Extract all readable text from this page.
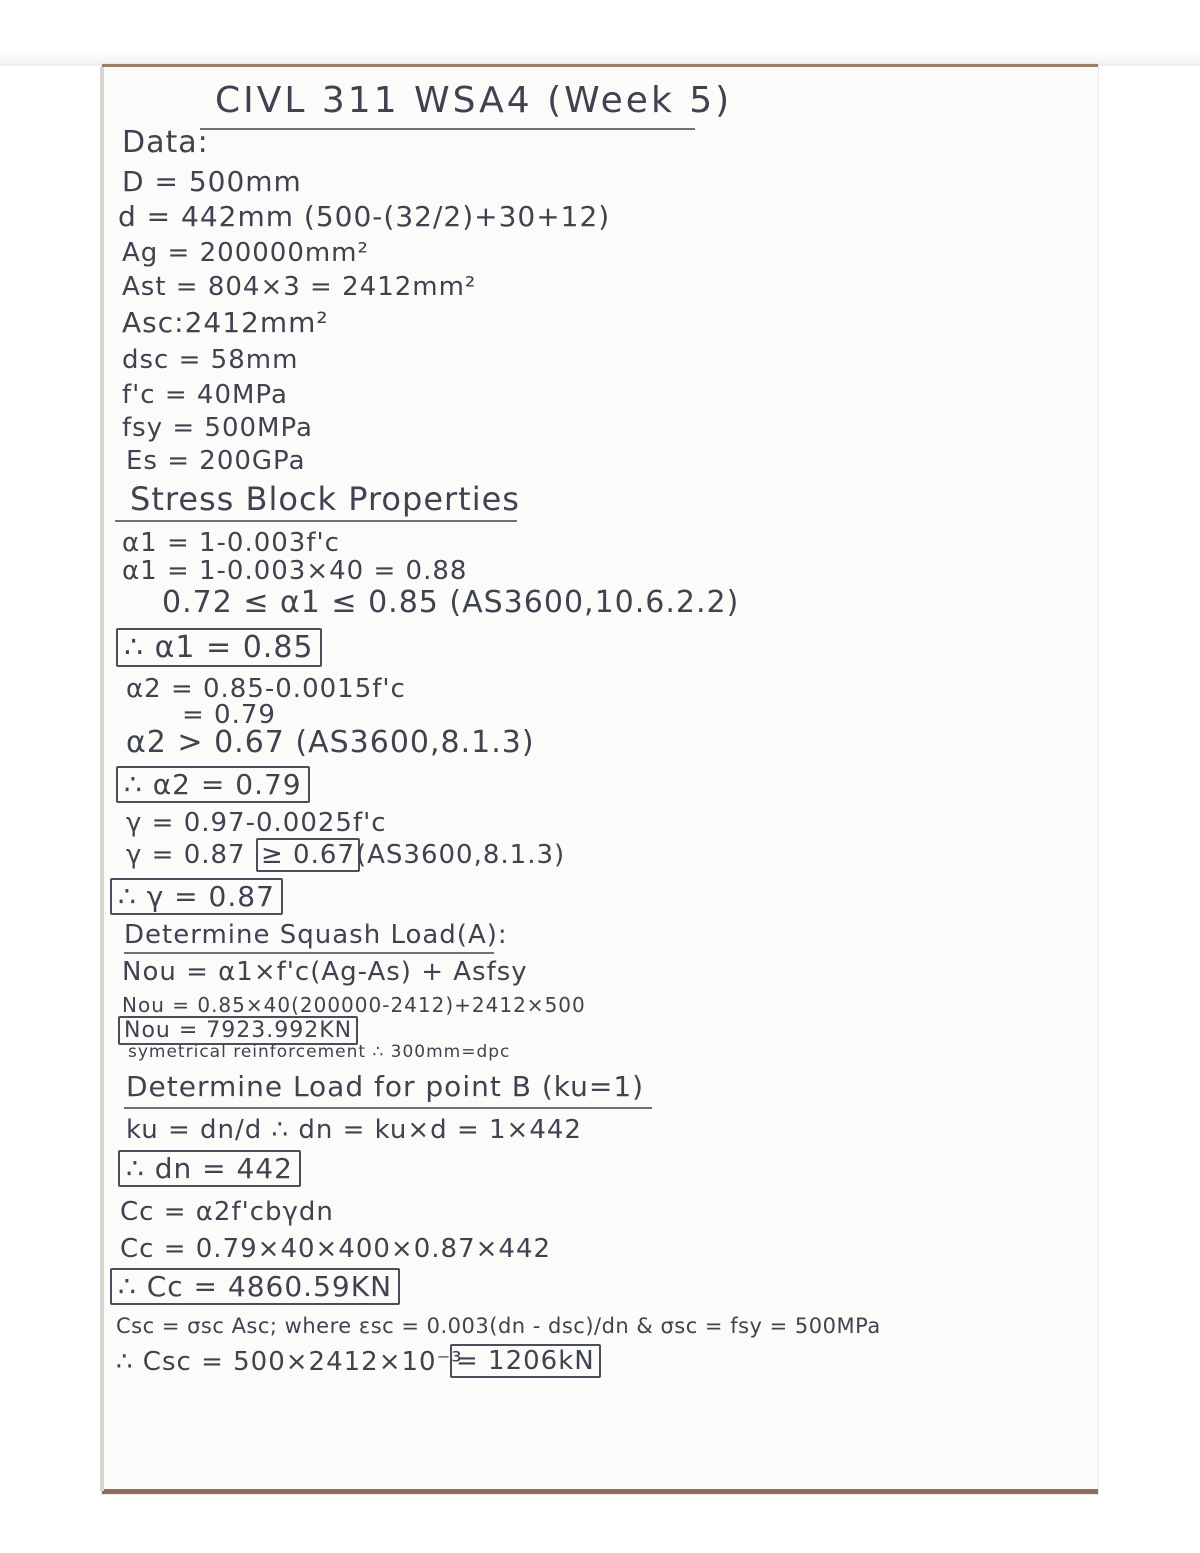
CIVL 311 WSA4 (Week 5)
Data:
D = 500mm
d = 442mm (500-(32/2)+30+12)
Ag = 200000mm²
Ast = 804×3 = 2412mm²
Asc:2412mm²
dsc = 58mm
f'c = 40MPa
fsy = 500MPa
Es = 200GPa
Stress Block Properties
α1 = 1-0.003f'c
α1 = 1-0.003×40 = 0.88
0.72 ≤ α1 ≤ 0.85 (AS3600,10.6.2.2)
∴ α1 = 0.85
α2 = 0.85-0.0015f'c
= 0.79
α2 > 0.67 (AS3600,8.1.3)
∴ α2 = 0.79
γ = 0.97-0.0025f'c
γ = 0.87 ≥ 0.67 (AS3600,8.1.3)
∴ γ = 0.87
Determine Squash Load(A):
Nou = α1×f'c(Ag-As) + Asfsy
Nou = 0.85×40(200000-2412)+2412×500
Nou = 7923.992KN
symetrical reinforcement ∴ 300mm=dpc
Determine Load for point B (ku=1)
ku = dn/d ∴ dn = ku×d = 1×442
∴ dn = 442
Cc = α2f'cbγdn
Cc = 0.79×40×400×0.87×442
∴ Cc = 4860.59KN
Csc = σsc Asc; where εsc = 0.003(dn - dsc)/dn & σsc = fsy = 500MPa
∴ Csc = 500×2412×10⁻³
= 1206kN
